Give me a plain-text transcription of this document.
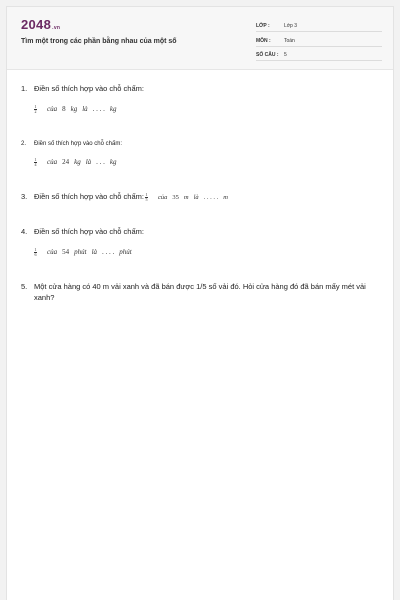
2048.vn
Tìm một trong các phần bằng nhau của một số
LỚP :	Lớp 3
MÔN :	Toán
SỐ CÂU :	5
1. Điền số thích hợp vào chỗ chấm:
$\frac{1}{2}$ của 8 kg là . . . . kg
2. Điền số thích hợp vào chỗ chấm:
$\frac{1}{4}$ của 24 kg là . . . kg
3. Điền số thích hợp vào chỗ chấm: $\frac{1}{5}$ của 35 m là . . . . . m
4. Điền số thích hợp vào chỗ chấm:
$\frac{1}{6}$ của 54 phút là . . . . phút
5. Một cửa hàng có 40 m vải xanh và đã bán được 1/5 số vải đó. Hỏi cửa hàng đó đã bán mấy mét vải xanh?
